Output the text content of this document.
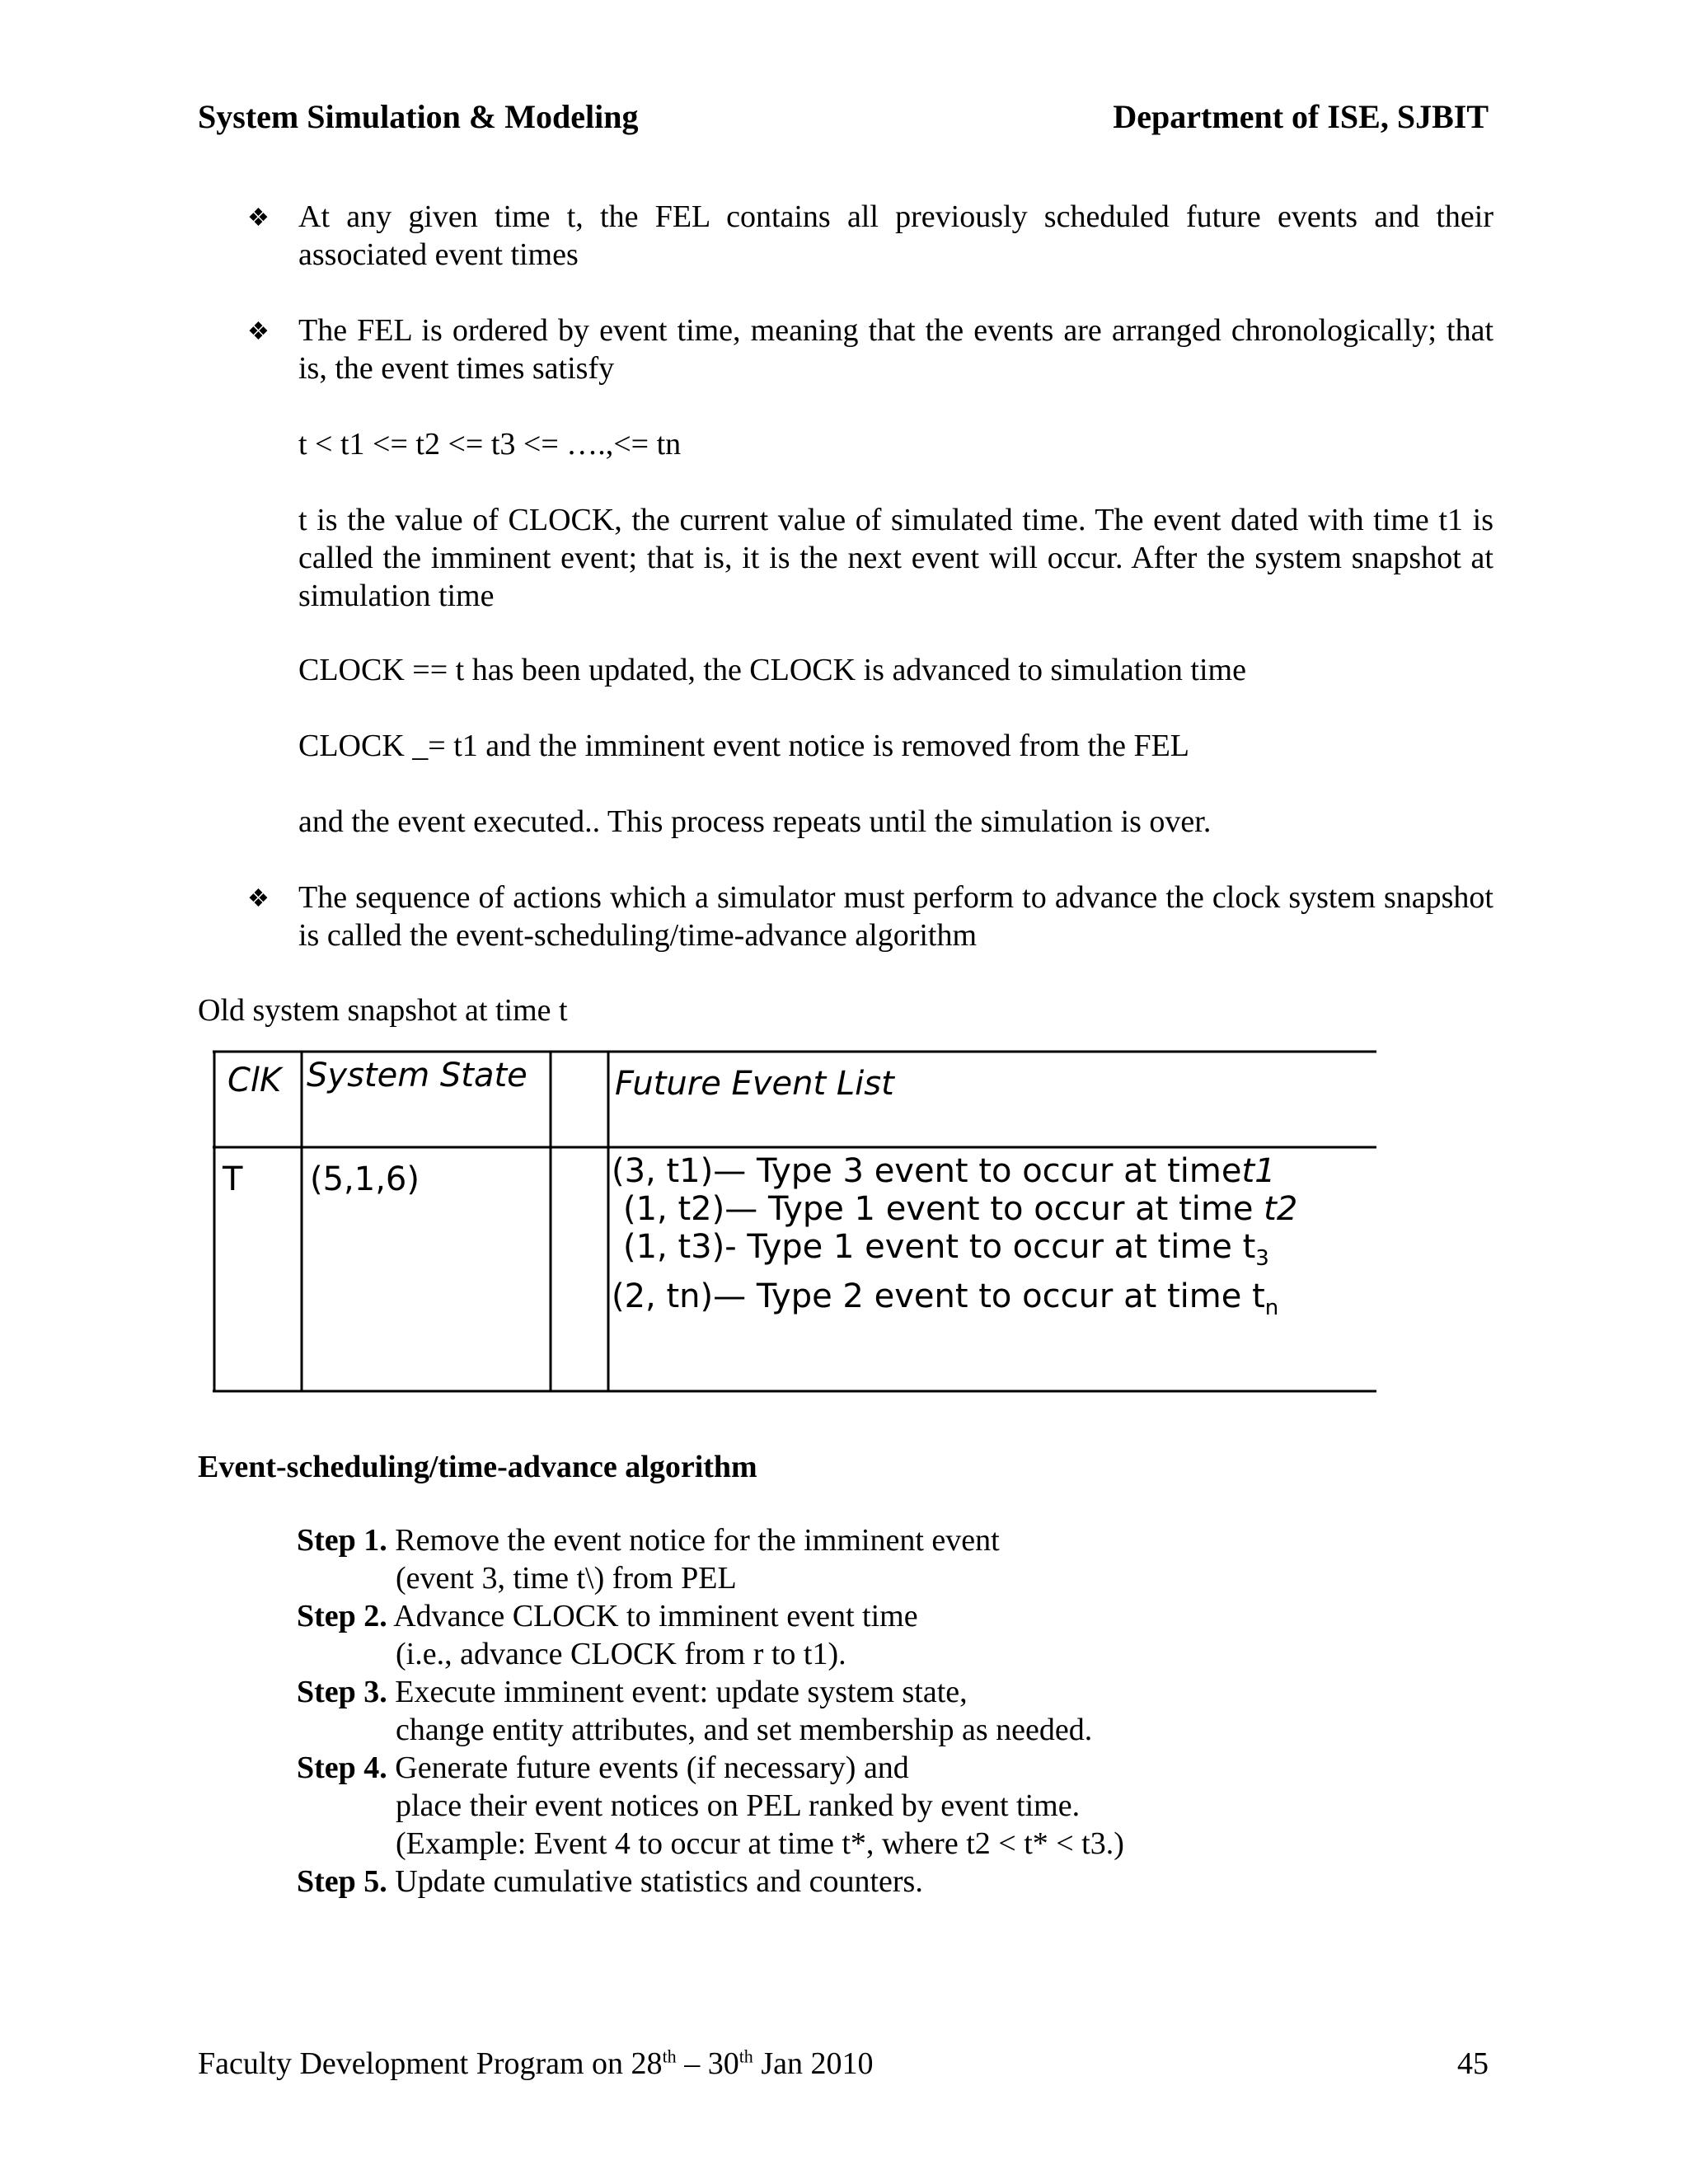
System Simulation & Modeling	Department of ISE, SJBIT
❖ At any given time t, the FEL contains all previously scheduled future events and their associated event times
❖ The FEL is ordered by event time, meaning that the events are arranged chronologically; that is, the event times satisfy
t < t1 <= t2 <= t3 <= ….,<= tn
t is the value of CLOCK, the current value of simulated time. The event dated with time t1 is called the imminent event; that is, it is the next event will occur. After the system snapshot at simulation time
CLOCK == t has been updated, the CLOCK is advanced to simulation time
CLOCK _= t1 and the imminent event notice is removed from the FEL
and the event executed.. This process repeats until the simulation is over.
❖ The sequence of actions which a simulator must perform to advance the clock system snapshot is called the event-scheduling/time-advance algorithm
Old system snapshot at time t
ClK System State	Future Event List
T (5,1,6)	(3, t1)— Type 3 event to occur at timet1
(1, t2)— Type 1 event to occur at time t2
(1, t3)- Type 1 event to occur at time $t_3$
(2, tn)— Type 2 event to occur at time $t_n$
Event-scheduling/time-advance algorithm
Step 1. Remove the event notice for the imminent event
(event 3, time t\) from PEL
Step 2. Advance CLOCK to imminent event time
(i.e., advance CLOCK from r to t1).
Step 3. Execute imminent event: update system state,
change entity attributes, and set membership as needed.
Step 4. Generate future events (if necessary) and
place their event notices on PEL ranked by event time.
(Example: Event 4 to occur at time t*, where t2 < t* < t3.)
Step 5. Update cumulative statistics and counters.
Faculty Development Program on 28th – 30th Jan 2010	45
